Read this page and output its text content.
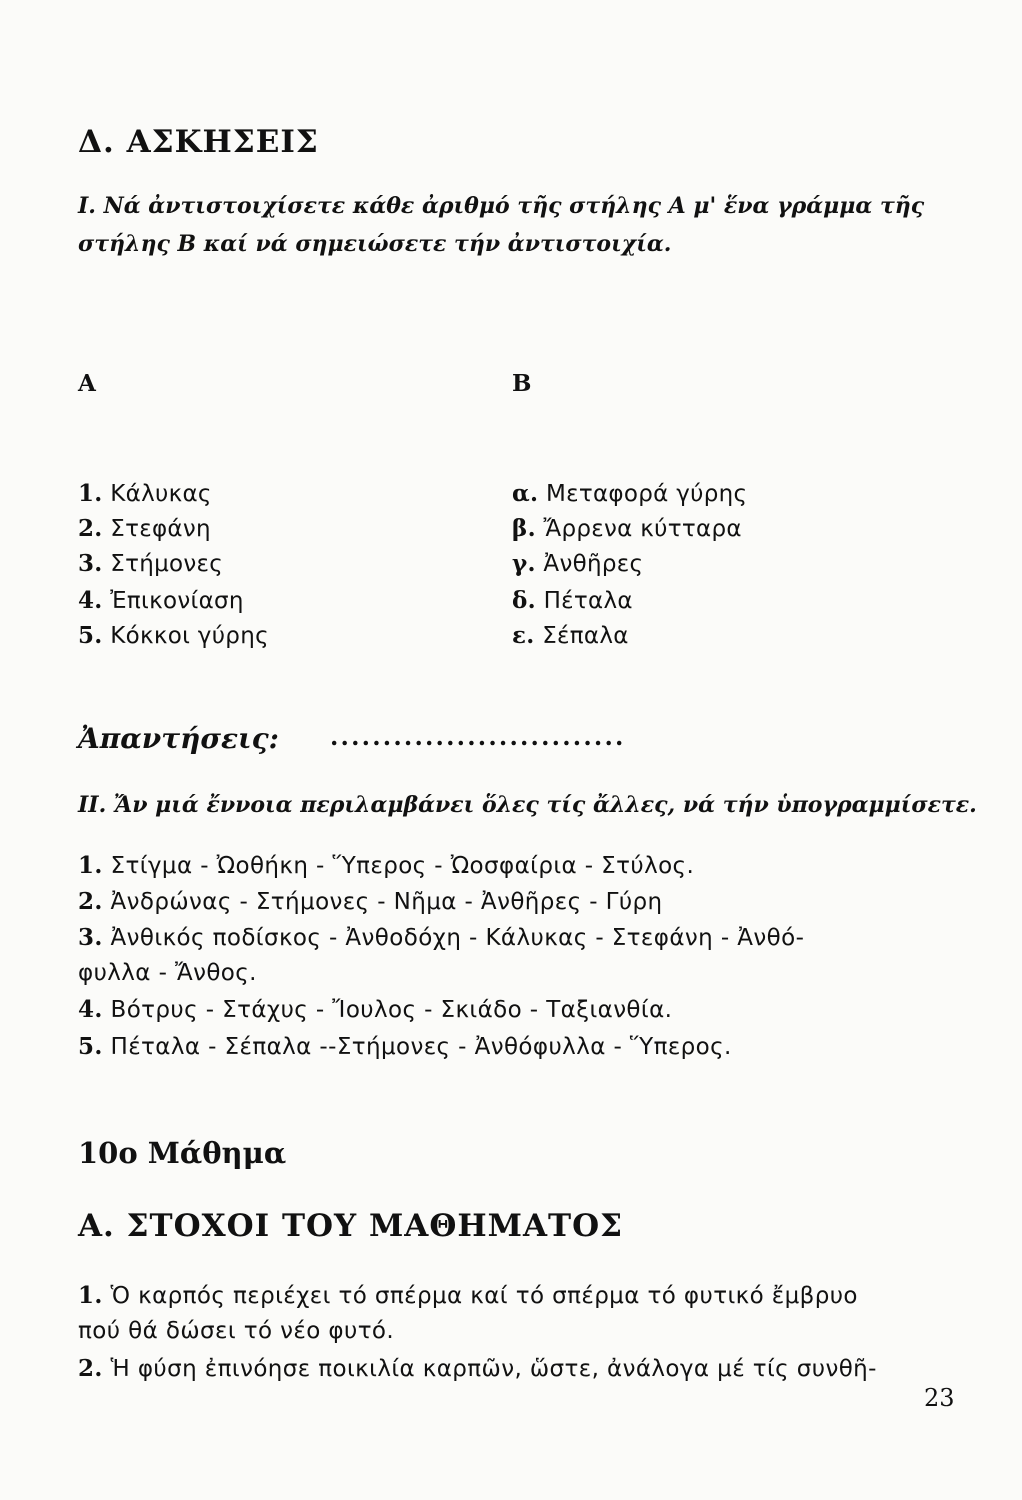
Δ. ΑΣΚΗΣΕΙΣ
I. Νά ἀντιστοιχίσετε κάθε ἀριθμό τῆς στήλης Α μ' ἕνα γράμμα τῆς
στήλης Β καί νά σημειώσετε τήν ἀντιστοιχία.
Α	Β
1. Κάλυκας
2. Στεφάνη
3. Στήμονες
4. Ἐπικονίαση
5. Κόκκοι γύρης
α. Μεταφορά γύρης
β. Ἄρρενα κύτταρα
γ. Ἀνθῆρες
δ. Πέταλα
ε. Σέπαλα
Ἀπαντήσεις: ............................
II. Ἄν μιά ἔννοια περιλαμβάνει ὅλες τίς ἄλλες, νά τήν ὑπογραμμίσετε.
1. Στίγμα - Ὠοθήκη - Ὕπερος - Ὠοσφαίρια - Στύλος.
2. Ἀνδρώνας - Στήμονες - Νῆμα - Ἀνθῆρες - Γύρη
3. Ἀνθικός ποδίσκος - Ἀνθοδόχη - Κάλυκας - Στεφάνη - Ἀνθό-
φυλλα - Ἄνθος.
4. Βότρυς - Στάχυς - Ἴουλος - Σκιάδο - Ταξιανθία.
5. Πέταλα - Σέπαλα --Στήμονες - Ἀνθόφυλλα - Ὕπερος.
10ο Μάθημα
Α. ΣΤΟΧΟΙ ΤΟΥ ΜΑΘΗΜΑΤΟΣ
1. Ὁ καρπός περιέχει τό σπέρμα καί τό σπέρμα τό φυτικό ἔμβρυο
πού θά δώσει τό νέο φυτό.
2. Ἡ φύση ἐπινόησε ποικιλία καρπῶν, ὥστε, ἀνάλογα μέ τίς συνθῆ-
23
